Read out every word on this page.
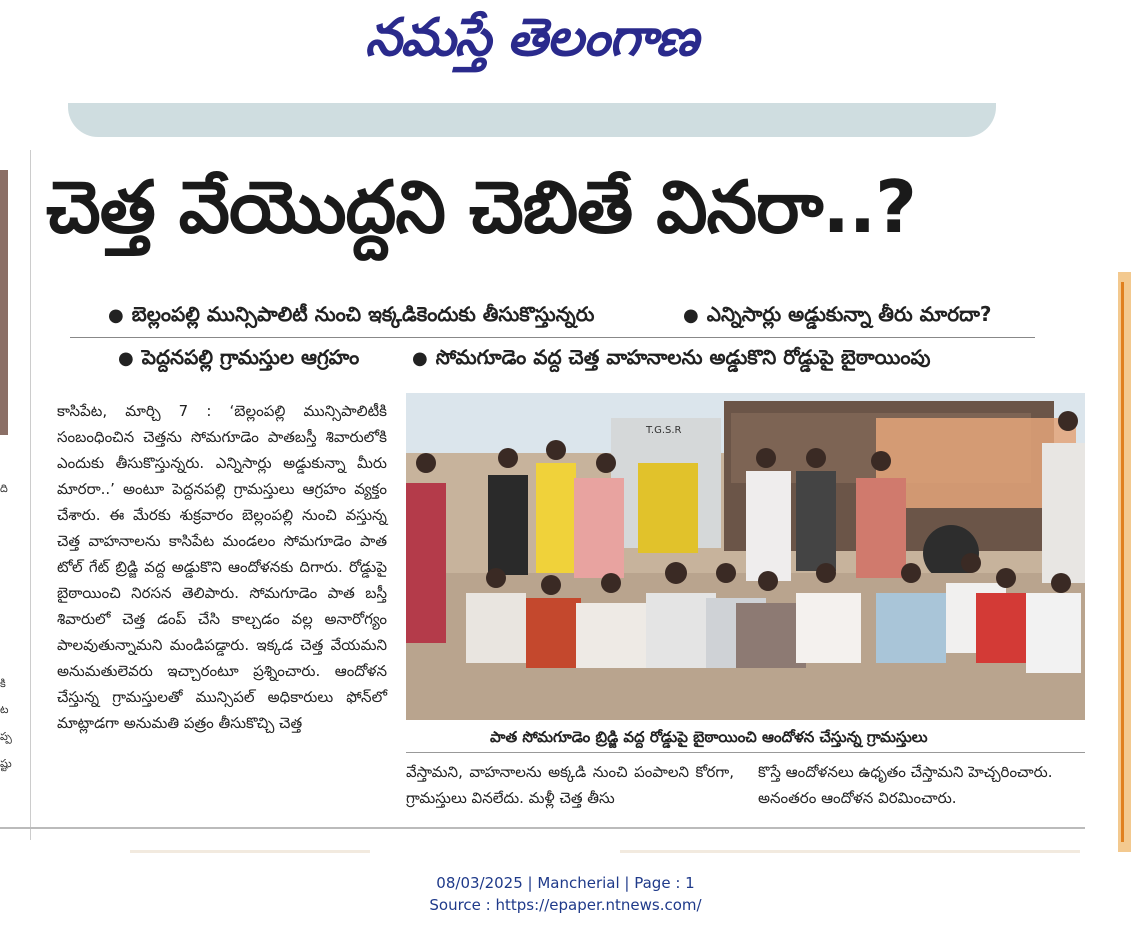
నమస్తే తెలంగాణ
ది
కి
ట
ప్ప
ష్టు
చెత్త వేయొద్దని చెబితే వినరా..?
● బెల్లంపల్లి మున్సిపాలిటీ నుంచి ఇక్కడికెందుకు తీసుకొస్తున్నరు	● ఎన్నిసార్లు అడ్డుకున్నా తీరు మారదా?
● పెద్దనపల్లి గ్రామస్తుల ఆగ్రహం	● సోమగూడెం వద్ద చెత్త వాహనాలను అడ్డుకొని రోడ్డుపై బైఠాయింపు

కాసిపేట, మార్చి 7 : ‘బెల్లంపల్లి మున్సిపాలిటీకి సంబంధించిన చెత్తను సోమగూడెం పాతబస్తీ శివారులోకి ఎందుకు తీసుకొస్తున్నరు. ఎన్నిసార్లు అడ్డుకున్నా మీరు మారరా..’ అంటూ పెద్దనపల్లి గ్రామస్తులు ఆగ్రహం వ్యక్తం చేశారు. ఈ మేరకు శుక్రవారం బెల్లంపల్లి నుంచి వస్తున్న చెత్త వాహనాలను కాసిపేట మండలం సోమగూడెం పాత టోల్ గేట్ బ్రిడ్జి వద్ద అడ్డుకొని ఆందోళనకు దిగారు. రోడ్డుపై బైఠాయించి నిరసన తెలిపారు. సోమగూడెం పాత బస్తీ శివారులో చెత్త డంప్ చేసి కాల్చడం వల్ల అనారోగ్యం పాలవుతున్నామని మండిపడ్డారు. ఇక్కడ చెత్త వేయమని అనుమతులెవరు ఇచ్చారంటూ ప్రశ్నించారు. ఆందోళన చేస్తున్న గ్రామస్తులతో మున్సిపల్ అధికారులు ఫోన్‌లో మాట్లాడగా అనుమతి పత్రం తీసుకొచ్చి చెత్త

T.G.S.R
పాత సోమగూడెం బ్రిడ్జి వద్ద రోడ్డుపై బైఠాయించి ఆందోళన చేస్తున్న గ్రామస్తులు
వేస్తామని, వాహనాలను అక్కడి నుంచి పంపాలని కోరగా, గ్రామస్తులు వినలేదు. మళ్లీ చెత్త తీసు
కొస్తే ఆందోళనలు ఉధృతం చేస్తామని హెచ్చరించారు. అనంతరం ఆందోళన విరమించారు.
08/03/2025 | Mancherial | Page : 1
Source : https://epaper.ntnews.com/
